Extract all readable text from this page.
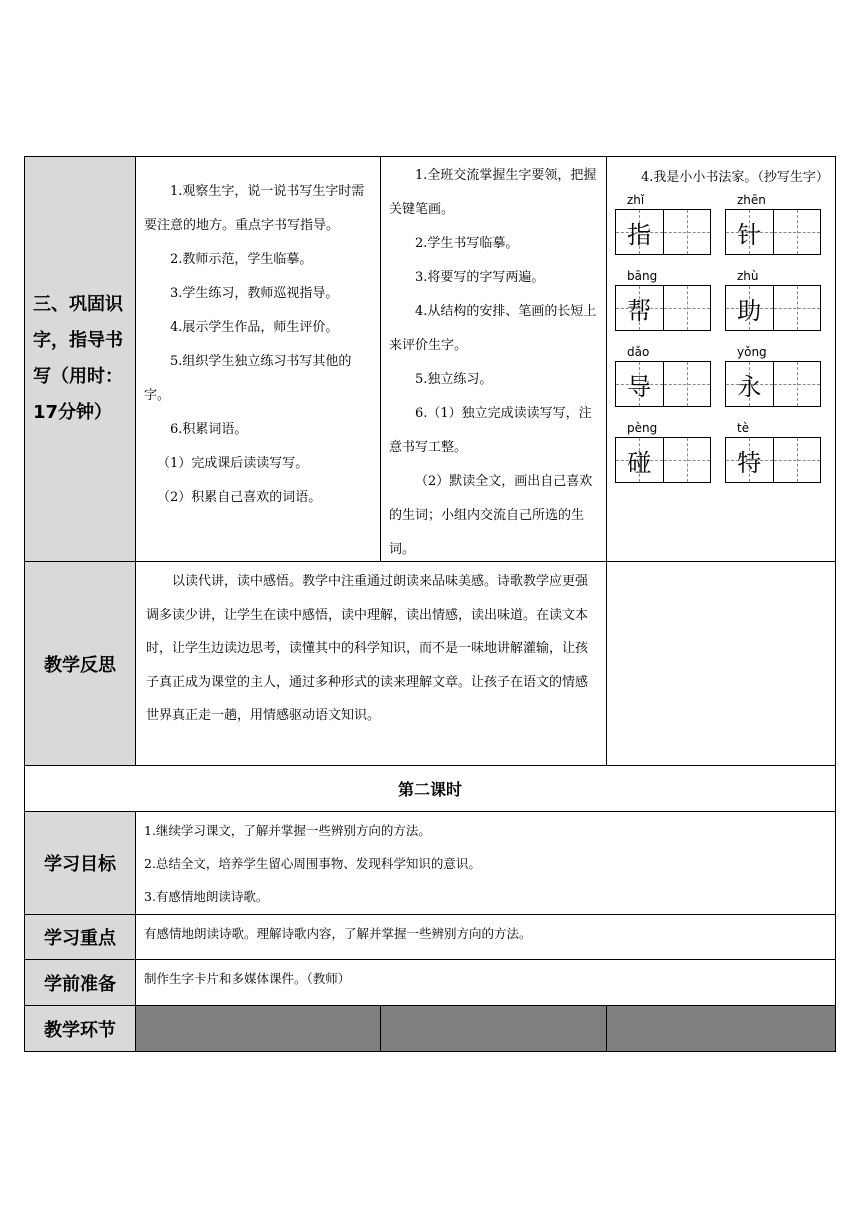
三、巩固识字，指导书写（用时：17分钟）

1.观察生字，说一说书写生字时需要注意的地方。重点字书写指导。

2.教师示范，学生临摹。

3.学生练习，教师巡视指导。

4.展示学生作品，师生评价。

5.组织学生独立练习书写其他的字。

6.积累词语。

（1）完成课后读读写写。

（2）积累自己喜欢的词语。

1.全班交流掌握生字要领，把握关键笔画。

2.学生书写临摹。

3.将要写的字写两遍。

4.从结构的安排、笔画的长短上来评价生字。

5.独立练习。

6.（1）独立完成读读写写，注意书写工整。

（2）默读全文，画出自己喜欢的生词；小组内交流自己所选的生词。

4.我是小小书法家。（抄写生字）
zhǐ
指
zhēn
针
bāng
帮
zhù
助
dǎo
导
yǒng
永
pèng
碰
tè
特
教学反思

以读代讲，读中感悟。教学中注重通过朗读来品味美感。诗歌教学应更强调多读少讲，让学生在读中感悟，读中理解，读出情感，读出味道。在读文本时，让学生边读边思考，读懂其中的科学知识，而不是一味地讲解灌输，让孩子真正成为课堂的主人，通过多种形式的读来理解文章。让孩子在语文的情感世界真正走一趟，用情感驱动语文知识。

第二课时
学习目标

1.继续学习课文，了解并掌握一些辨别方向的方法。

2.总结全文，培养学生留心周围事物、发现科学知识的意识。

3.有感情地朗读诗歌。

学习重点 有感情地朗读诗歌。理解诗歌内容，了解并掌握一些辨别方向的方法。

学前准备 制作生字卡片和多媒体课件。（教师）

教学环节
